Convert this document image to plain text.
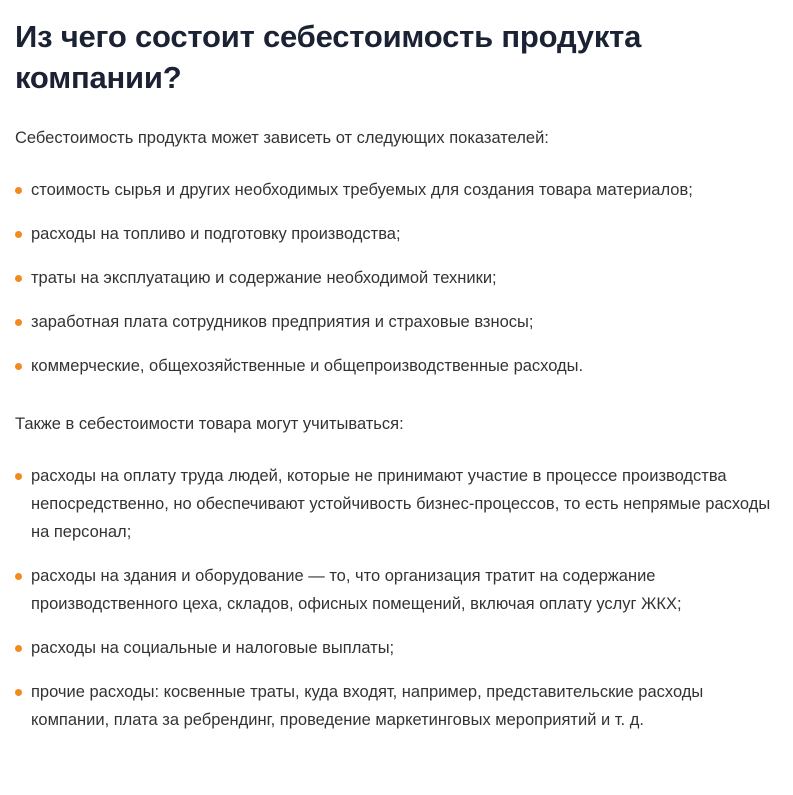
Из чего состоит себестоимость продукта компании?

Себестоимость продукта может зависеть от следующих показателей:

стоимость сырья и других необходимых требуемых для создания товара материалов;
расходы на топливо и подготовку производства;
траты на эксплуатацию и содержание необходимой техники;
заработная плата сотрудников предприятия и страховые взносы;
коммерческие, общехозяйственные и общепроизводственные расходы.

Также в себестоимости товара могут учитываться:

расходы на оплату труда людей, которые не принимают участие в процессе производства непосредственно, но обеспечивают устойчивость бизнес-процессов, то есть непрямые расходы на персонал;
расходы на здания и оборудование — то, что организация тратит на содержание производственного цеха, складов, офисных помещений, включая оплату услуг ЖКХ;
расходы на социальные и налоговые выплаты;
прочие расходы: косвенные траты, куда входят, например, представительские расходы компании, плата за ребрендинг, проведение маркетинговых мероприятий и т. д.
